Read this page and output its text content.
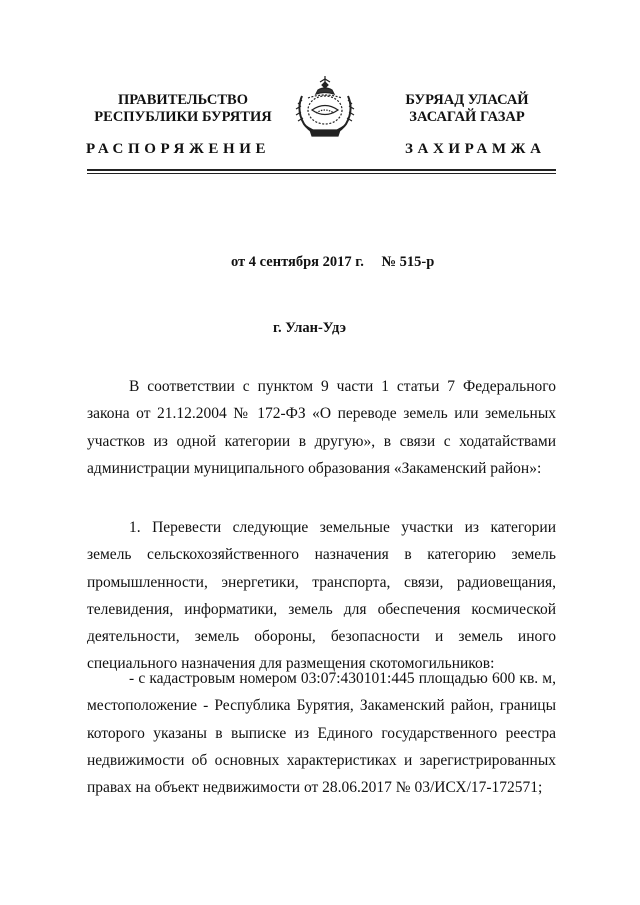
ПРАВИТЕЛЬСТВО
РЕСПУБЛИКИ БУРЯТИЯ
БУРЯАД УЛАСАЙ
ЗАСАГАЙ ГАЗАР
РАСПОРЯЖЕНИЕ	ЗАХИРАМЖА
от 4 сентября 2017 г. № 515-р
г. Улан-Удэ
В соответствии с пунктом 9 части 1 статьи 7 Федерального закона от 21.12.2004 № 172-ФЗ «О переводе земель или земельных участков из одной категории в другую», в связи с ходатайствами администрации муниципального образования «Закаменский район»:
1. Перевести следующие земельные участки из категории земель сельскохозяйственного назначения в категорию земель промышленности, энергетики, транспорта, связи, радиовещания, телевидения, информатики, земель для обеспечения космической деятельности, земель обороны, безопасности и земель иного специального назначения для размещения скотомогильников:
- с кадастровым номером 03:07:430101:445 площадью 600 кв. м, местоположение - Республика Бурятия, Закаменский район, границы которого указаны в выписке из Единого государственного реестра недвижимости об основных характеристиках и зарегистрированных правах на объект недвижимости от 28.06.2017 № 03/ИСХ/17-172571;
